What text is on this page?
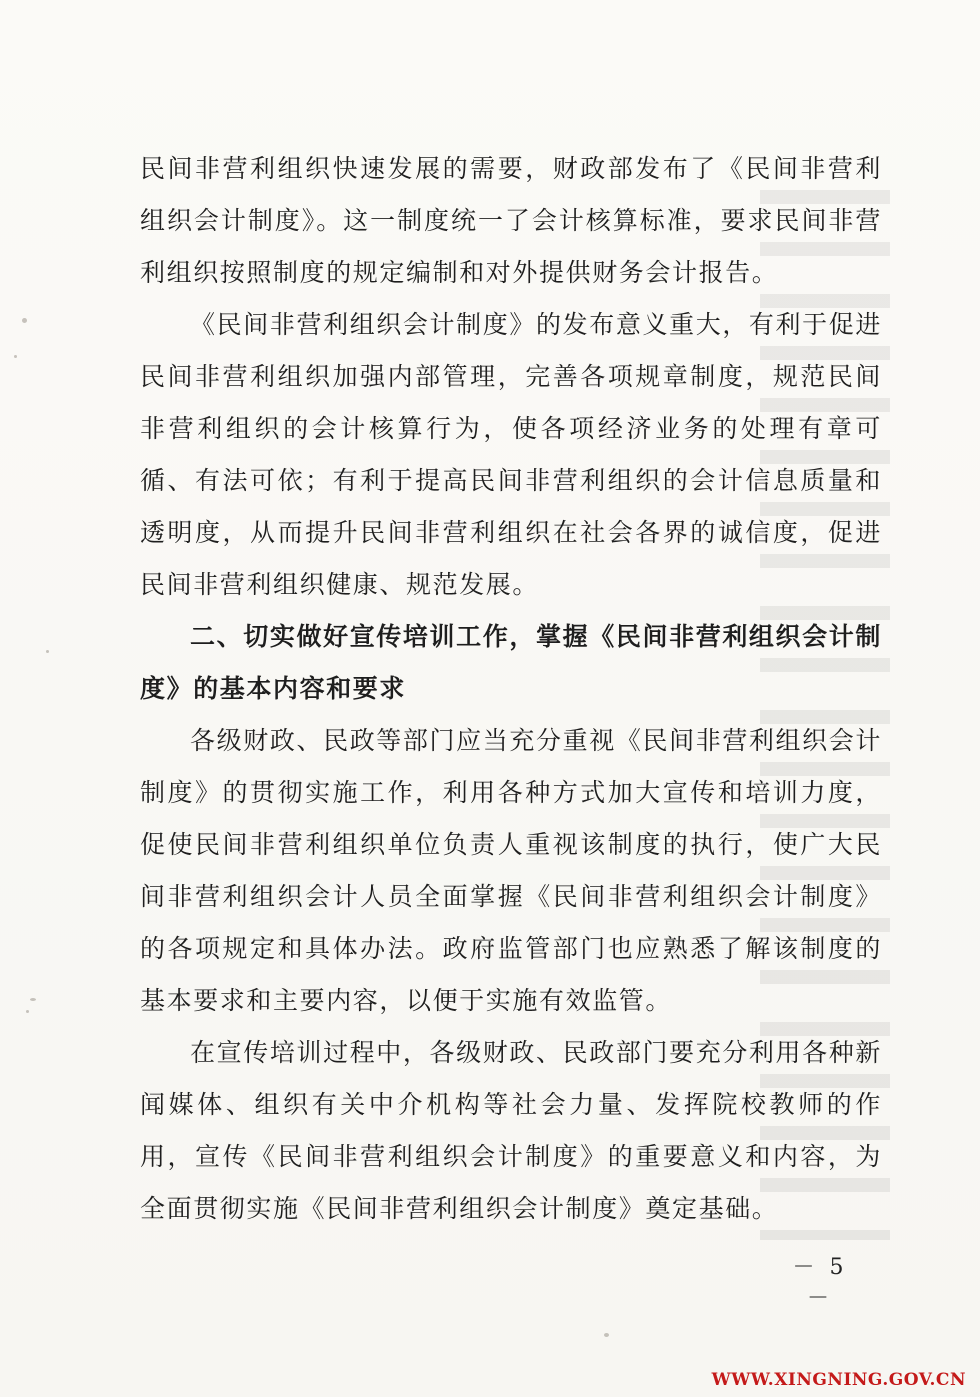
民间非营利组织快速发展的需要，财政部发布了《民间非营利组织会计制度》。这一制度统一了会计核算标准，要求民间非营利组织按照制度的规定编制和对外提供财务会计报告。

《民间非营利组织会计制度》的发布意义重大，有利于促进民间非营利组织加强内部管理，完善各项规章制度，规范民间非营利组织的会计核算行为，使各项经济业务的处理有章可循、有法可依；有利于提高民间非营利组织的会计信息质量和透明度，从而提升民间非营利组织在社会各界的诚信度，促进民间非营利组织健康、规范发展。

二、切实做好宣传培训工作，掌握《民间非营利组织会计制度》的基本内容和要求

各级财政、民政等部门应当充分重视《民间非营利组织会计制度》的贯彻实施工作，利用各种方式加大宣传和培训力度，促使民间非营利组织单位负责人重视该制度的执行，使广大民间非营利组织会计人员全面掌握《民间非营利组织会计制度》的各项规定和具体办法。政府监管部门也应熟悉了解该制度的基本要求和主要内容，以便于实施有效监管。

在宣传培训过程中，各级财政、民政部门要充分利用各种新闻媒体、组织有关中介机构等社会力量、发挥院校教师的作用，宣传《民间非营利组织会计制度》的重要意义和内容，为全面贯彻实施《民间非营利组织会计制度》奠定基础。

－ 5 －
WWW.XINGNING.GOV.CN
